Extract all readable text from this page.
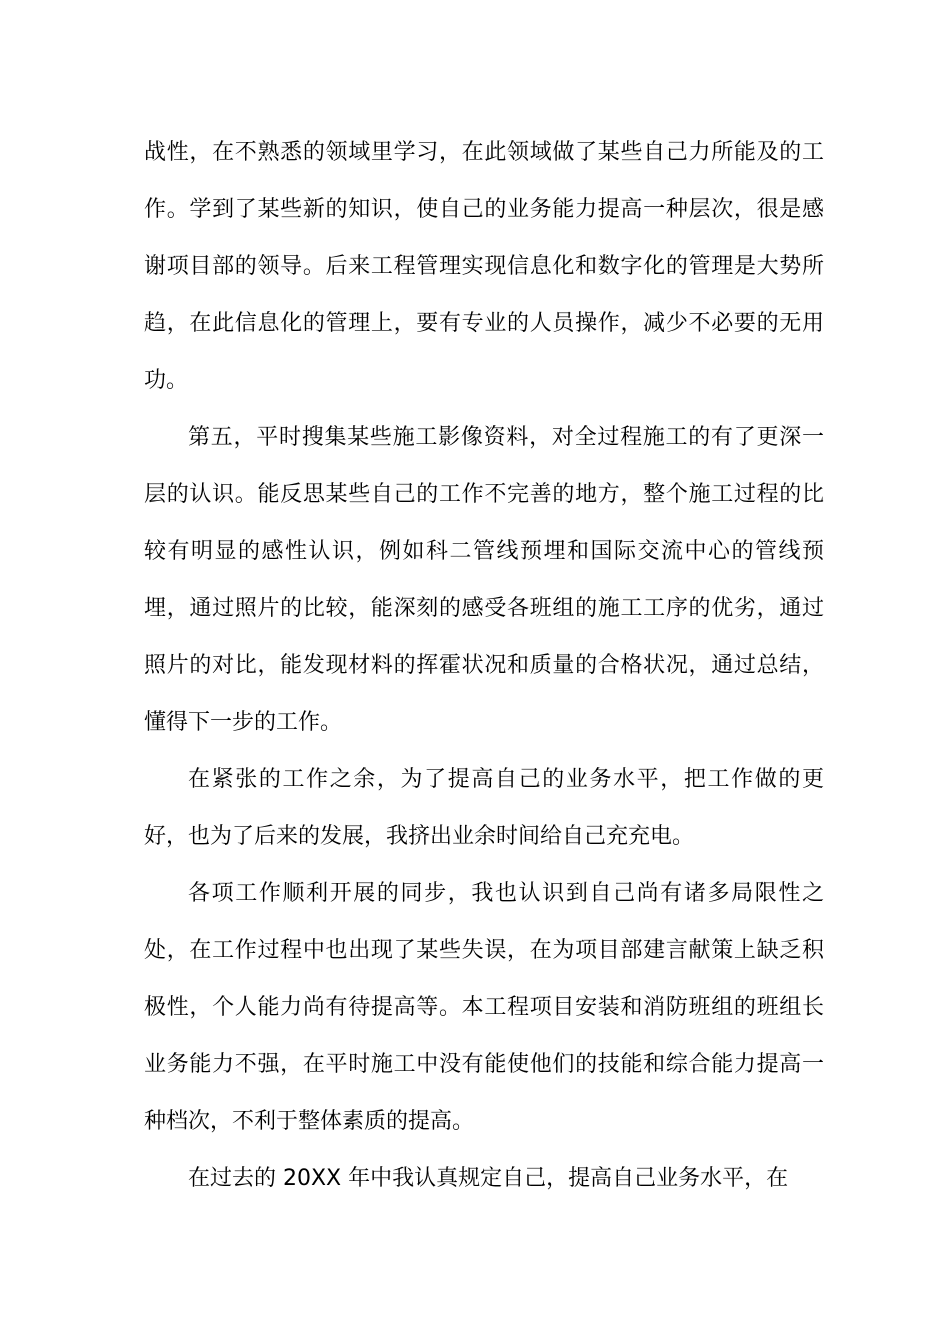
战性，在不熟悉的领域里学习，在此领域做了某些自己力所能及的工作。学到了某些新的知识，使自己的业务能力提高一种层次，很是感谢项目部的领导。后来工程管理实现信息化和数字化的管理是大势所趋，在此信息化的管理上，要有专业的人员操作，减少不必要的无用功。

第五，平时搜集某些施工影像资料，对全过程施工的有了更深一层的认识。能反思某些自己的工作不完善的地方，整个施工过程的比较有明显的感性认识，例如科二管线预埋和国际交流中心的管线预埋，通过照片的比较，能深刻的感受各班组的施工工序的优劣，通过照片的对比，能发现材料的挥霍状况和质量的合格状况，通过总结，懂得下一步的工作。

在紧张的工作之余，为了提高自己的业务水平，把工作做的更好，也为了后来的发展，我挤出业余时间给自己充充电。

各项工作顺利开展的同步，我也认识到自己尚有诸多局限性之处，在工作过程中也出现了某些失误，在为项目部建言献策上缺乏积极性，个人能力尚有待提高等。本工程项目安装和消防班组的班组长业务能力不强，在平时施工中没有能使他们的技能和综合能力提高一种档次，不利于整体素质的提高。

在过去的 20XX 年中我认真规定自己，提高自己业务水平，在
